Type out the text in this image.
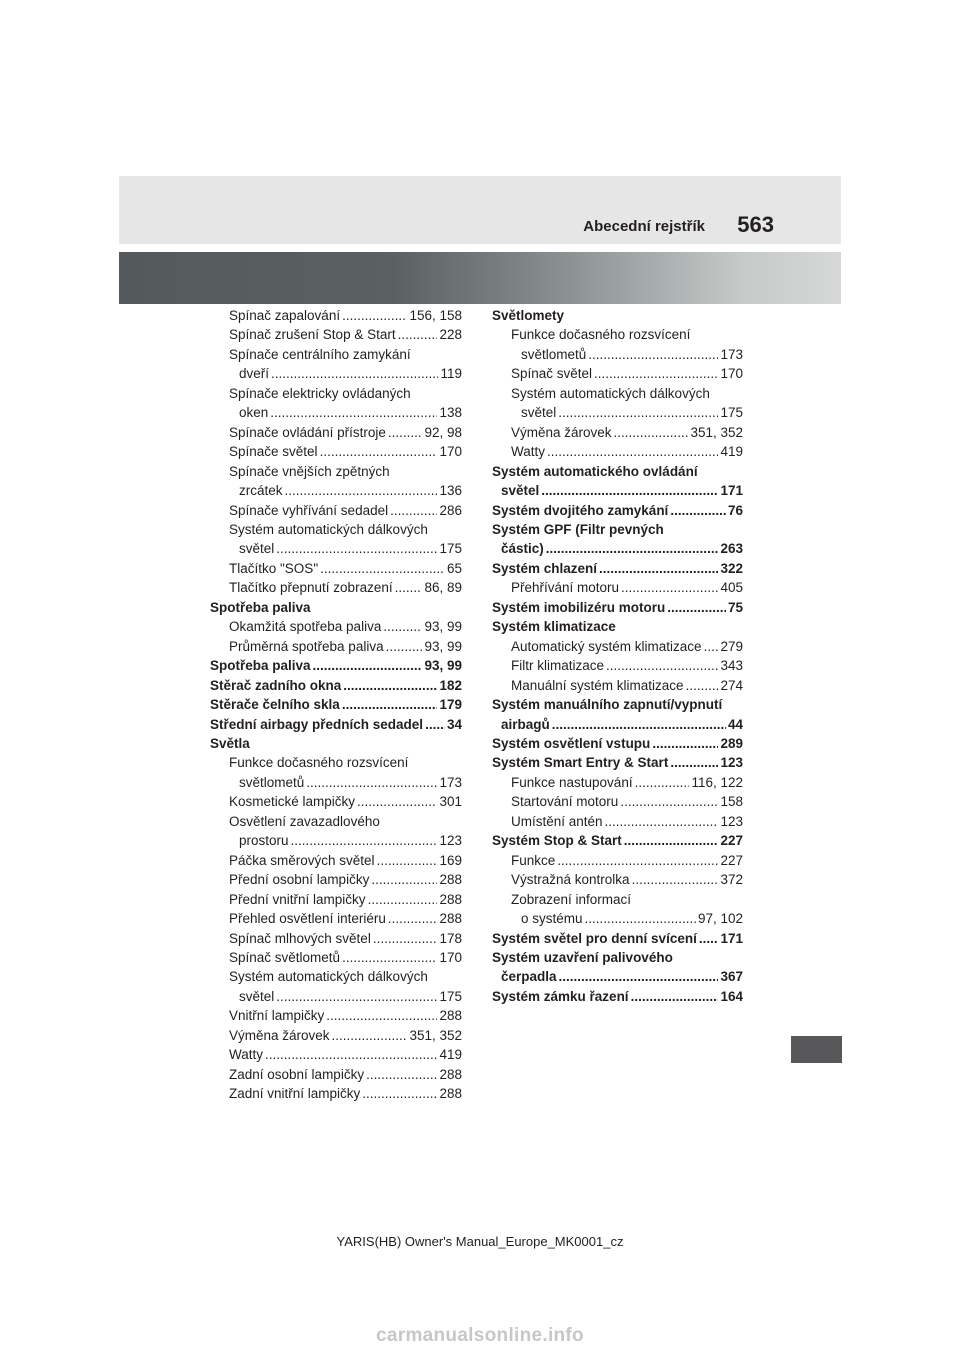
Abecední rejstřík 563
Spínač zapalování .....	156, 158
Spínač zrušení Stop & Start .....	228
Spínače centrálního zamykání
dveří .....	119
Spínače elektricky ovládaných
oken .....	138
Spínače ovládání přístroje .....	92, 98
Spínače světel .....	170
Spínače vnějších zpětných
zrcátek .....	136
Spínače vyhřívání sedadel .....	286
Systém automatických dálkových
světel .....	175
Tlačítko "SOS" .....	65
Tlačítko přepnutí zobrazení ..... 86, 89
Spotřeba paliva
Okamžitá spotřeba paliva .....	93, 99
Průměrná spotřeba paliva .....	93, 99
Spotřeba paliva .....	93, 99
Stěrač zadního okna .....	182
Stěrače čelního skla .....	179
Střední airbagy předních sedadel ..... 34
Světla
Funkce dočasného rozsvícení
světlometů .....	173
Kosmetické lampičky .....	301
Osvětlení zavazadlového
prostoru .....	123
Páčka směrových světel .....	169
Přední osobní lampičky .....	288
Přední vnitřní lampičky .....	288
Přehled osvětlení interiéru .....	288
Spínač mlhových světel .....	178
Spínač světlometů .....	170
Systém automatických dálkových
světel .....	175
Vnitřní lampičky .....	288
Výměna žárovek .....	351, 352
Watty .....	419
Zadní osobní lampičky .....	288
Zadní vnitřní lampičky .....	288
Světlomety
Funkce dočasného rozsvícení
světlometů .....	173
Spínač světel .....	170
Systém automatických dálkových
světel .....	175
Výměna žárovek .....	351, 352
Watty .....	419
Systém automatického ovládání
světel .....	171
Systém dvojitého zamykání .....	76
Systém GPF (Filtr pevných
částic) .....	263
Systém chlazení .....	322
Přehřívání motoru .....	405
Systém imobilizéru motoru .....	75
Systém klimatizace
Automatický systém klimatizace ..... 279
Filtr klimatizace .....	343
Manuální systém klimatizace .....	274
Systém manuálního zapnutí/vypnutí
airbagů .....	44
Systém osvětlení vstupu .....	289
Systém Smart Entry & Start .....	123
Funkce nastupování .....	116, 122
Startování motoru .....	158
Umístění antén .....	123
Systém Stop & Start .....	227
Funkce .....	227
Výstražná kontrolka .....	372
Zobrazení informací
o systému .....	97, 102
Systém světel pro denní svícení ..... 171
Systém uzavření palivového
čerpadla .....	367
Systém zámku řazení .....	164
YARIS(HB) Owner's Manual_Europe_MK0001_cz
carmanualsonline.info
